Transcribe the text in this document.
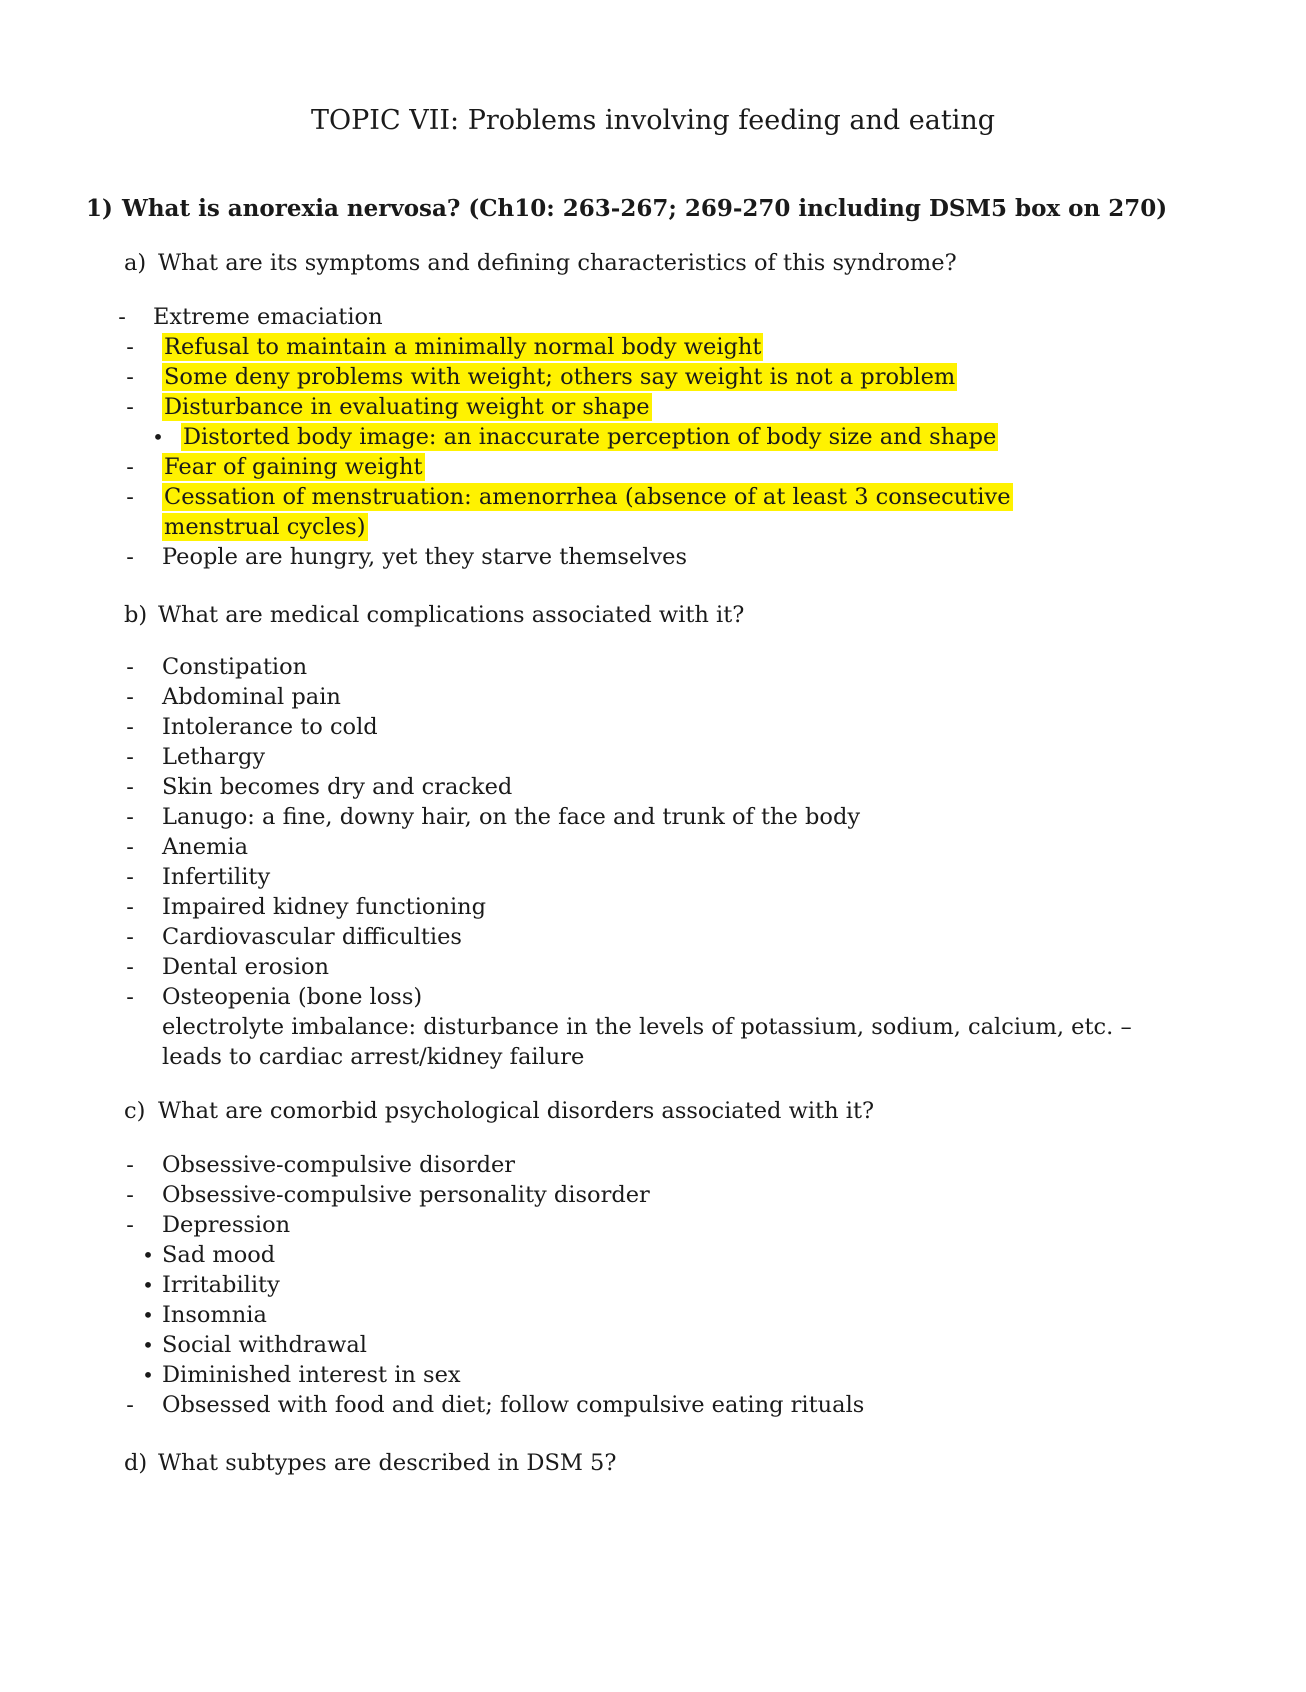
TOPIC VII: Problems involving feeding and eating
1) What is anorexia nervosa? (Ch10: 263-267; 269-270 including DSM5 box on 270)
a) What are its symptoms and defining characteristics of this syndrome?
- Extreme emaciation
- Refusal to maintain a minimally normal body weight
- Some deny problems with weight; others say weight is not a problem
- Disturbance in evaluating weight or shape
• Distorted body image: an inaccurate perception of body size and shape
- Fear of gaining weight
- Cessation of menstruation: amenorrhea (absence of at least 3 consecutive menstrual cycles)
- People are hungry, yet they starve themselves
b) What are medical complications associated with it?
- Constipation
- Abdominal pain
- Intolerance to cold
- Lethargy
- Skin becomes dry and cracked
- Lanugo: a fine, downy hair, on the face and trunk of the body
- Anemia
- Infertility
- Impaired kidney functioning
- Cardiovascular difficulties
- Dental erosion
- Osteopenia (bone loss)
electrolyte imbalance: disturbance in the levels of potassium, sodium, calcium, etc. –
leads to cardiac arrest/kidney failure
c) What are comorbid psychological disorders associated with it?
- Obsessive-compulsive disorder
- Obsessive-compulsive personality disorder
- Depression
• Sad mood
• Irritability
• Insomnia
• Social withdrawal
• Diminished interest in sex
- Obsessed with food and diet; follow compulsive eating rituals
d) What subtypes are described in DSM 5?
